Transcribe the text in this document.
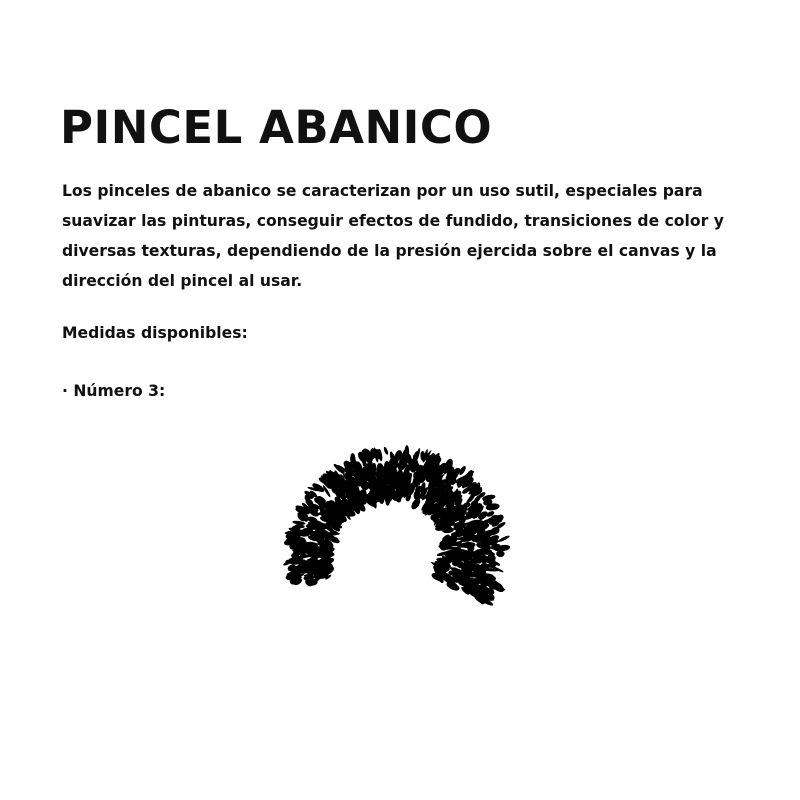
PINCEL ABANICO

Los pinceles de abanico se caracterizan por un uso sutil, especiales para suavizar las pinturas, conseguir efectos de fundido, transiciones de color y diversas texturas, dependiendo de la presión ejercida sobre el canvas y la dirección del pincel al usar.

Medidas disponibles:

· Número 3:
